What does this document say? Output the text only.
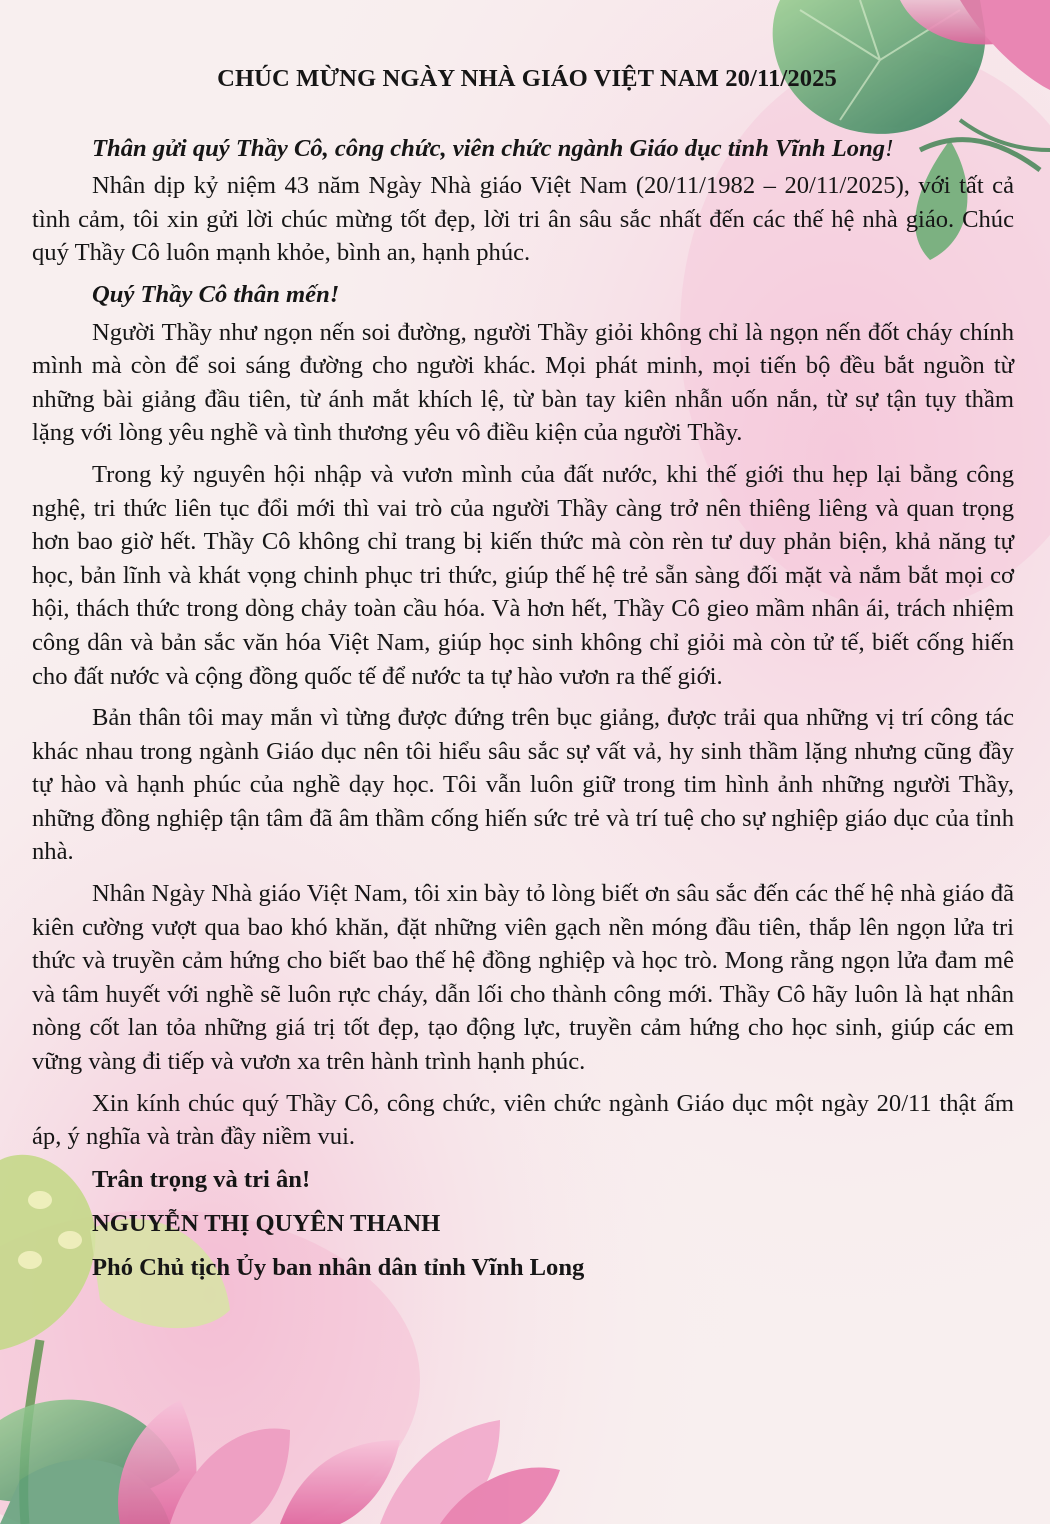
CHÚC MỪNG NGÀY NHÀ GIÁO VIỆT NAM 20/11/2025

Thân gửi quý Thầy Cô, công chức, viên chức ngành Giáo dục tỉnh Vĩnh Long!

Nhân dịp kỷ niệm 43 năm Ngày Nhà giáo Việt Nam (20/11/1982 – 20/11/2025), với tất cả tình cảm, tôi xin gửi lời chúc mừng tốt đẹp, lời tri ân sâu sắc nhất đến các thế hệ nhà giáo. Chúc quý Thầy Cô luôn mạnh khỏe, bình an, hạnh phúc.

Quý Thầy Cô thân mến!

Người Thầy như ngọn nến soi đường, người Thầy giỏi không chỉ là ngọn nến đốt cháy chính mình mà còn để soi sáng đường cho người khác. Mọi phát minh, mọi tiến bộ đều bắt nguồn từ những bài giảng đầu tiên, từ ánh mắt khích lệ, từ bàn tay kiên nhẫn uốn nắn, từ sự tận tụy thầm lặng với lòng yêu nghề và tình thương yêu vô điều kiện của người Thầy.

Trong kỷ nguyên hội nhập và vươn mình của đất nước, khi thế giới thu hẹp lại bằng công nghệ, tri thức liên tục đổi mới thì vai trò của người Thầy càng trở nên thiêng liêng và quan trọng hơn bao giờ hết. Thầy Cô không chỉ trang bị kiến thức mà còn rèn tư duy phản biện, khả năng tự học, bản lĩnh và khát vọng chinh phục tri thức, giúp thế hệ trẻ sẵn sàng đối mặt và nắm bắt mọi cơ hội, thách thức trong dòng chảy toàn cầu hóa. Và hơn hết, Thầy Cô gieo mầm nhân ái, trách nhiệm công dân và bản sắc văn hóa Việt Nam, giúp học sinh không chỉ giỏi mà còn tử tế, biết cống hiến cho đất nước và cộng đồng quốc tế để nước ta tự hào vươn ra thế giới.

Bản thân tôi may mắn vì từng được đứng trên bục giảng, được trải qua những vị trí công tác khác nhau trong ngành Giáo dục nên tôi hiểu sâu sắc sự vất vả, hy sinh thầm lặng nhưng cũng đầy tự hào và hạnh phúc của nghề dạy học. Tôi vẫn luôn giữ trong tim hình ảnh những người Thầy, những đồng nghiệp tận tâm đã âm thầm cống hiến sức trẻ và trí tuệ cho sự nghiệp giáo dục của tỉnh nhà.

Nhân Ngày Nhà giáo Việt Nam, tôi xin bày tỏ lòng biết ơn sâu sắc đến các thế hệ nhà giáo đã kiên cường vượt qua bao khó khăn, đặt những viên gạch nền móng đầu tiên, thắp lên ngọn lửa tri thức và truyền cảm hứng cho biết bao thế hệ đồng nghiệp và học trò. Mong rằng ngọn lửa đam mê và tâm huyết với nghề sẽ luôn rực cháy, dẫn lối cho thành công mới. Thầy Cô hãy luôn là hạt nhân nòng cốt lan tỏa những giá trị tốt đẹp, tạo động lực, truyền cảm hứng cho học sinh, giúp các em vững vàng đi tiếp và vươn xa trên hành trình hạnh phúc.

Xin kính chúc quý Thầy Cô, công chức, viên chức ngành Giáo dục một ngày 20/11 thật ấm áp, ý nghĩa và tràn đầy niềm vui.

Trân trọng và tri ân!

NGUYỄN THỊ QUYÊN THANH

Phó Chủ tịch Ủy ban nhân dân tỉnh Vĩnh Long
